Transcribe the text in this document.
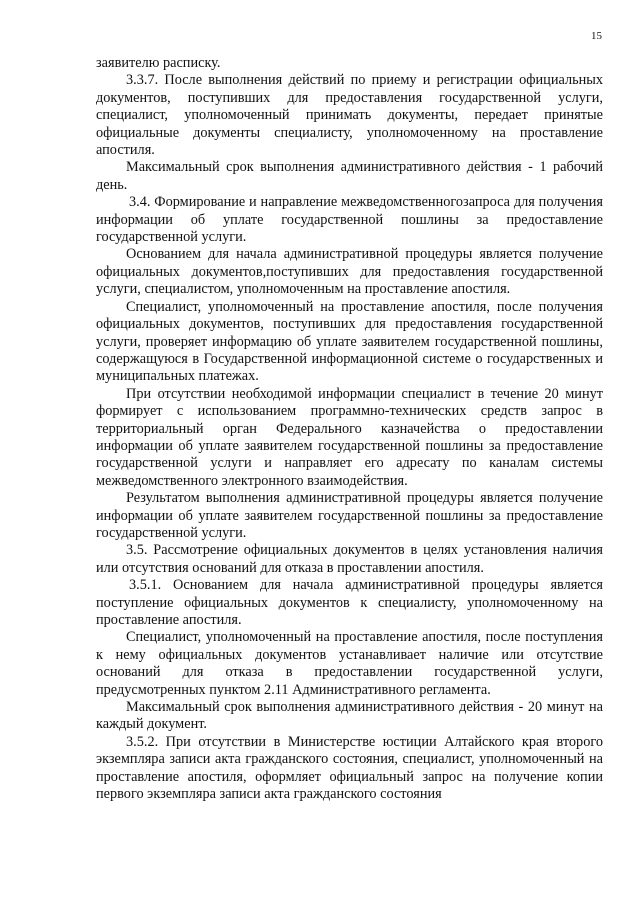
15

заявителю расписку.

3.3.7. После выполнения действий по приему и регистрации официальных документов, поступивших для предоставления государственной услуги, специалист, уполномоченный принимать документы, передает принятые официальные документы специалисту, уполномоченному на проставление апостиля.

Максимальный срок выполнения административного действия - 1 рабочий день.

3.4. Формирование и направление межведомственногозапроса для получения информации об уплате государственной пошлины за предоставление государственной услуги.

Основанием для начала административной процедуры является получение официальных документов,поступивших для предоставления государственной услуги, специалистом, уполномоченным на проставление апостиля.

Специалист, уполномоченный на проставление апостиля, после получения официальных документов, поступивших для предоставления государственной услуги, проверяет информацию об уплате заявителем государственной пошлины, содержащуюся в Государственной информационной системе о государственных и муниципальных платежах.

При отсутствии необходимой информации специалист в течение 20 минут формирует с использованием программно-технических средств запрос в территориальный орган Федерального казначейства о предоставлении информации об уплате заявителем государственной пошлины за предоставление государственной услуги и направляет его адресату по каналам системы межведомственного электронного взаимодействия.

Результатом выполнения административной процедуры является получение информации об уплате заявителем государственной пошлины за предоставление государственной услуги.

3.5. Рассмотрение официальных документов в целях установления наличия или отсутствия оснований для отказа в проставлении апостиля.

3.5.1. Основанием для начала административной процедуры является поступление официальных документов к специалисту, уполномоченному на проставление апостиля.

Специалист, уполномоченный на проставление апостиля, после поступления к нему официальных документов устанавливает наличие или отсутствие оснований для отказа в предоставлении государственной услуги, предусмотренных пунктом 2.11 Административного регламента.

Максимальный срок выполнения административного действия - 20 минут на каждый документ.

3.5.2. При отсутствии в Министерстве юстиции Алтайского края второго экземпляра записи акта гражданского состояния, специалист, уполномоченный на проставление апостиля, оформляет официальный запрос на получение копии первого экземпляра записи акта гражданского состояния
